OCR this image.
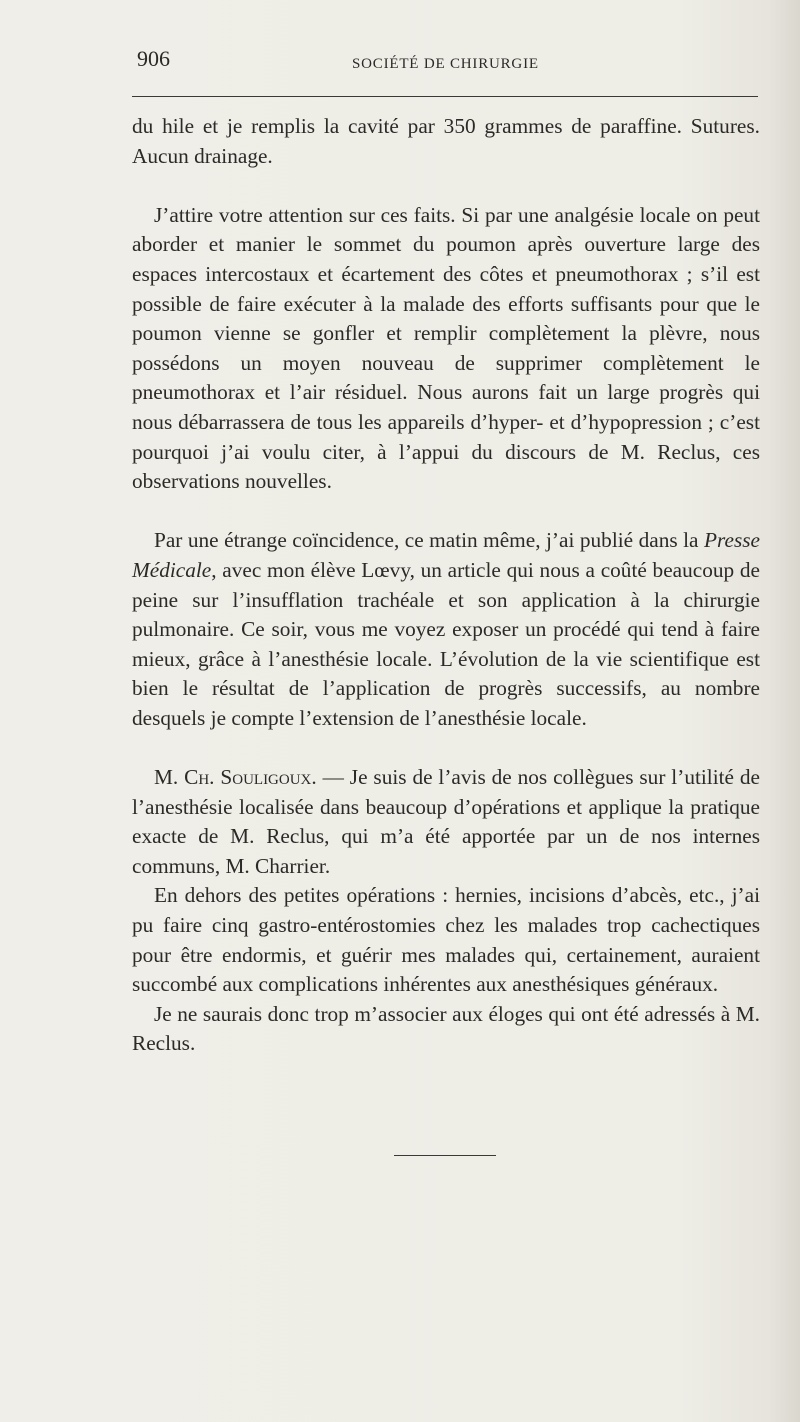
906	SOCIÉTÉ DE CHIRURGIE

du hile et je remplis la cavité par 350 grammes de paraffine. Sutures. Aucun drainage.

J’attire votre attention sur ces faits. Si par une analgésie locale on peut aborder et manier le sommet du poumon après ouverture large des espaces intercostaux et écartement des côtes et pneumothorax ; s’il est possible de faire exécuter à la malade des efforts suffisants pour que le poumon vienne se gonfler et remplir complètement la plèvre, nous possédons un moyen nouveau de supprimer complètement le pneumothorax et l’air résiduel. Nous aurons fait un large progrès qui nous débarrassera de tous les appareils d’hyper- et d’hypopression ; c’est pourquoi j’ai voulu citer, à l’appui du discours de M. Reclus, ces observations nouvelles.

Par une étrange coïncidence, ce matin même, j’ai publié dans la Presse Médicale, avec mon élève Lœvy, un article qui nous a coûté beaucoup de peine sur l’insufflation trachéale et son application à la chirurgie pulmonaire. Ce soir, vous me voyez exposer un procédé qui tend à faire mieux, grâce à l’anesthésie locale. L’évolution de la vie scientifique est bien le résultat de l’application de progrès successifs, au nombre desquels je compte l’extension de l’anesthésie locale.

M. Ch. Souligoux. — Je suis de l’avis de nos collègues sur l’utilité de l’anesthésie localisée dans beaucoup d’opérations et applique la pratique exacte de M. Reclus, qui m’a été apportée par un de nos internes communs, M. Charrier.

En dehors des petites opérations : hernies, incisions d’abcès, etc., j’ai pu faire cinq gastro-entérostomies chez les malades trop cachectiques pour être endormis, et guérir mes malades qui, certainement, auraient succombé aux complications inhérentes aux anesthésiques généraux.

Je ne saurais donc trop m’associer aux éloges qui ont été adressés à M. Reclus.
